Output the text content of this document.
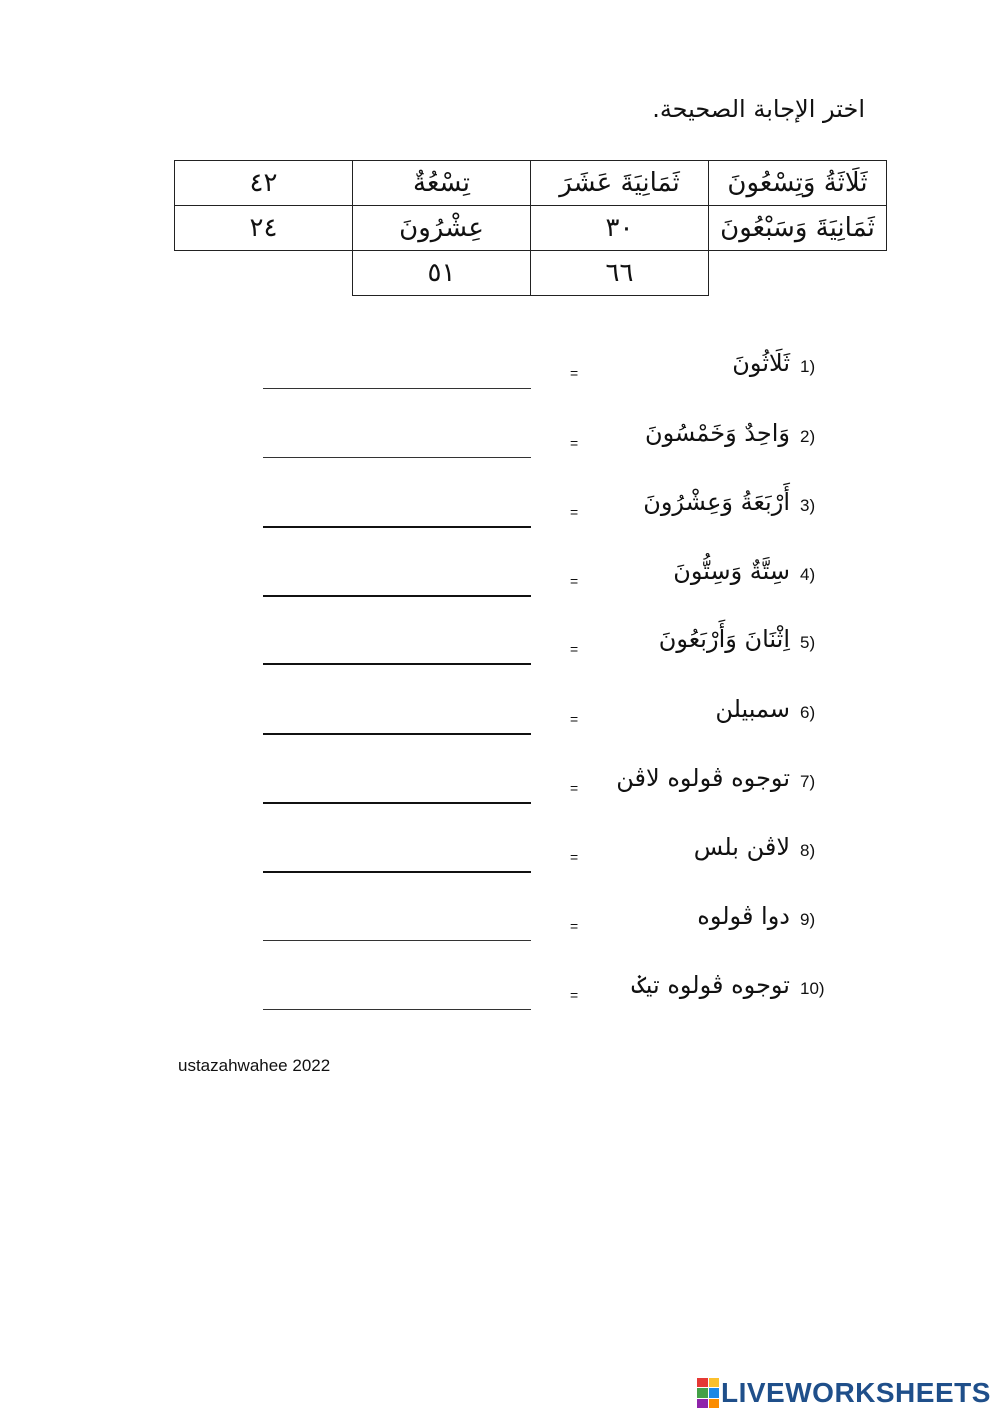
اختر الإجابة الصحيحة.
٤٢	تِسْعُةٌ	ثَمَانِيَةَ عَشَرَ	ثَلَاثَةُ وَتِسْعُونَ
٢٤	عِشْرُونَ	٣٠	ثَمَانِيَةَ وَسَبْعُونَ
	٥١	٦٦	
1)
ثَلَاثُونَ
=
2)
وَاحِدٌ وَخَمْسُونَ
=
3)
أَرْبَعَةُ وَعِشْرُونَ
=
4)
سِتَّةٌ وَسِتُّونَ
=
5)
اِثْنَانَ وَأَرْبَعُونَ
=
6)
سمبيلن
=
7)
توجوه ڤولوه لاڤن
=
8)
لاڤن بلس
=
9)
دوا ڤولوه
=
10)
توجوه ڤولوه تيݢ
=
ustazahwahee 2022
LIVEWORKSHEETS
